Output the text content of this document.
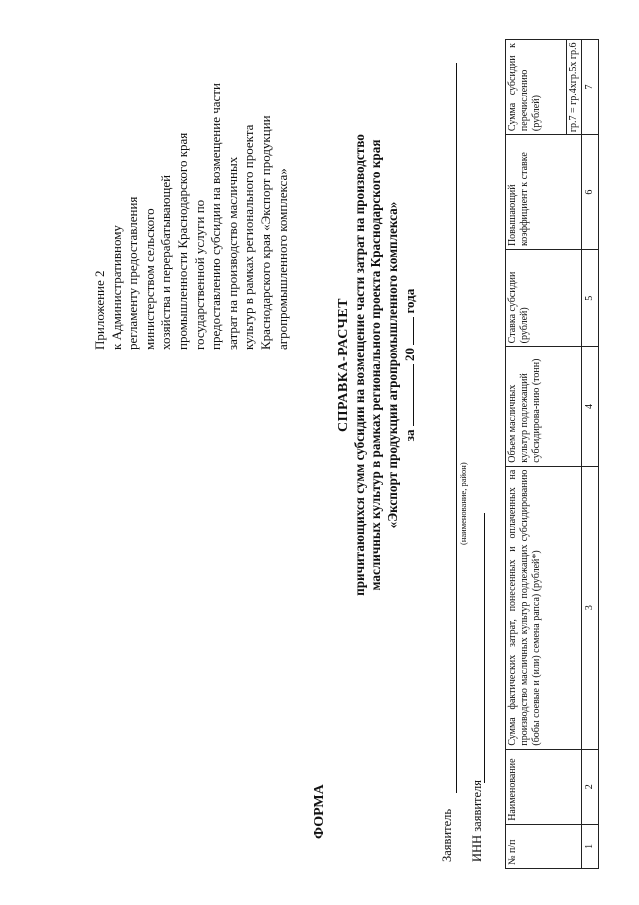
Приложение 2 к Административному регламенту предоставления министерством сельского хозяйства и перерабатывающей промышленности Краснодарского края государственной услуги по предоставлению субсидии на возмещение части затрат на производство масличных культур в рамках регионального проекта Краснодарского края «Экспорт продукции агропромышленного комплекса»
ФОРМА
СПРАВКА-РАСЧЕТ причитающихся сумм субсидии на возмещение части затрат на производство масличных культур в рамках регионального проекта Краснодарского края «Экспорт продукции агропромышленного комплекса» за  20  года
Заявитель
(наименование, район)
ИНН заявителя № п/п	Наименование	Сумма фактических затрат, понесенных и оплаченных на производство масличных культур подлежащих субсидированию (бобы соевые и (или) семена рапса) (рублей*)	Объем масличных культур подлежащий субсидирова-нию (тонн)	Ставка субсидии (рублей)	Повышающий коэффициент к ставке	Сумма субсидии к перечислению (рублей)
						гр.7 = гр.4хгр.5х гр.6
1	2	3	4	5	6	7
